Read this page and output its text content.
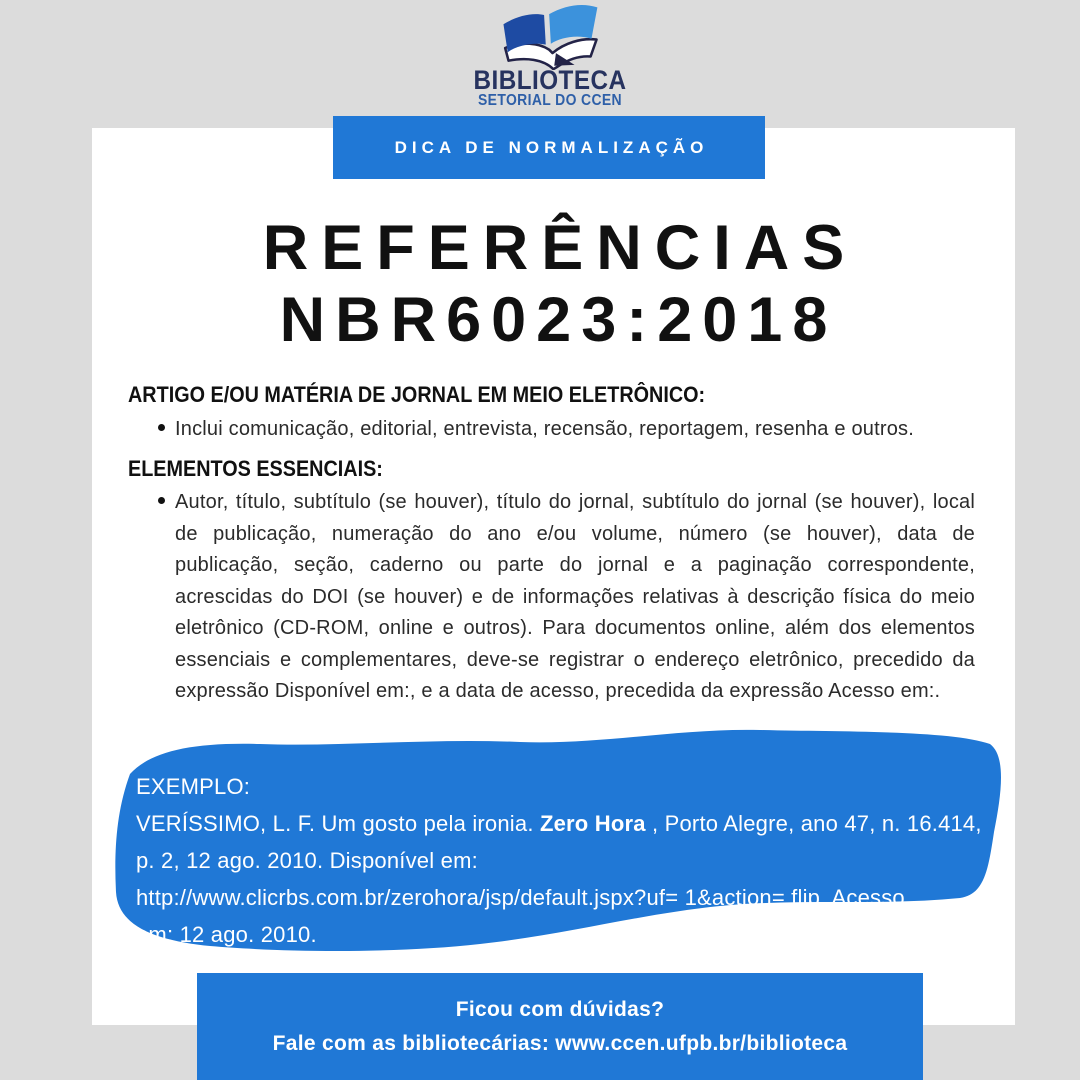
BIBLIOTECA
SETORIAL DO CCEN
DICA DE NORMALIZAÇÃO
REFERÊNCIAS
NBR6023:2018
ARTIGO E/OU MATÉRIA DE JORNAL EM MEIO ELETRÔNICO:
Inclui comunicação, editorial, entrevista, recensão, reportagem, resenha e outros.
ELEMENTOS ESSENCIAIS:
Autor, título, subtítulo (se houver), título do jornal, subtítulo do jornal (se houver), local de publicação, numeração do ano e/ou volume, número (se houver), data de publicação, seção, caderno ou parte do jornal e a paginação correspondente, acrescidas do DOI (se houver) e de informações relativas à descrição física do meio eletrônico (CD-ROM, online e outros). Para documentos online, além dos elementos essenciais e complementares, deve-se registrar o endereço eletrônico, precedido da expressão Disponível em:, e a data de acesso, precedida da expressão Acesso em:.
EXEMPLO:
VERÍSSIMO, L. F. Um gosto pela ironia. Zero Hora , Porto Alegre, ano 47, n. 16.414,
p. 2, 12 ago. 2010. Disponível em:
http://www.clicrbs.com.br/zerohora/jsp/default.jspx?uf= 1&action= flip. Acesso
em: 12 ago. 2010.
Ficou com dúvidas?
Fale com as bibliotecárias: www.ccen.ufpb.br/biblioteca
